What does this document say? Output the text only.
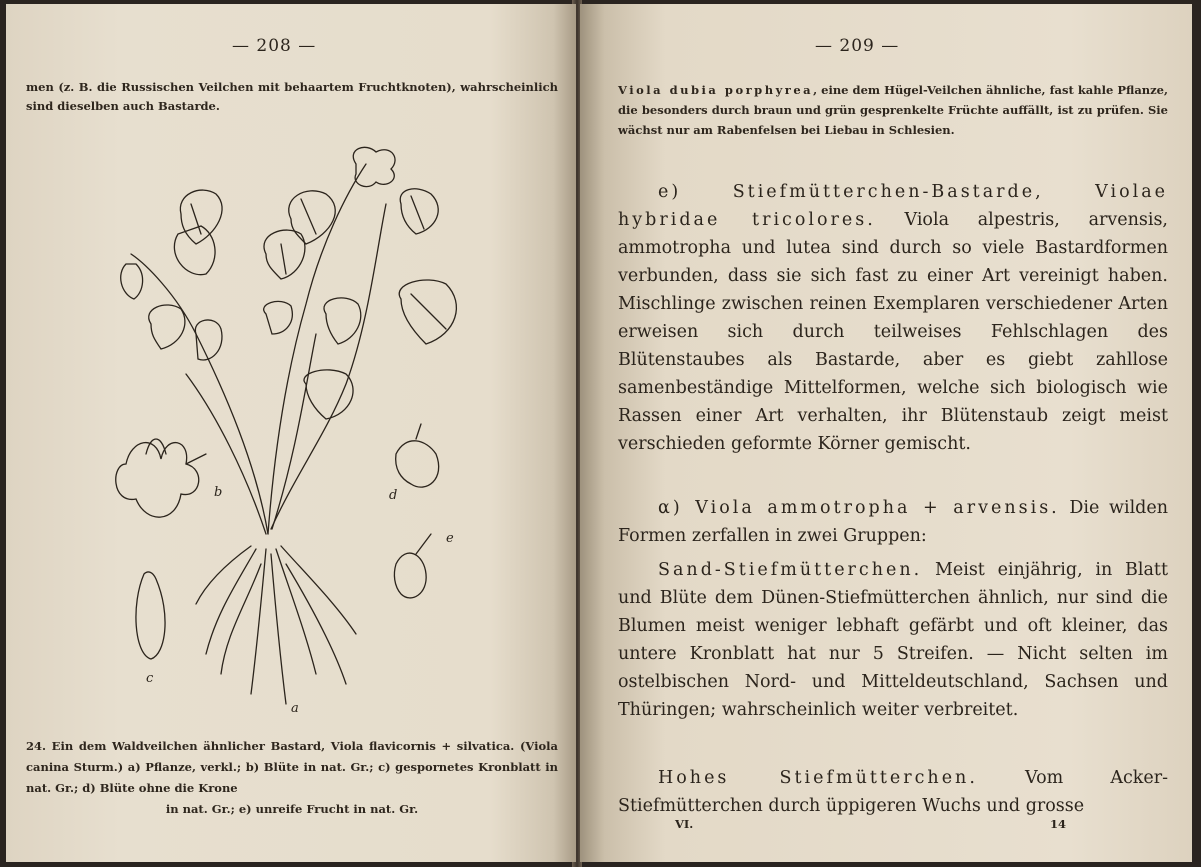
— 208 —
men (z. B. die Russischen Veilchen mit behaartem Fruchtknoten), wahrscheinlich sind dieselben auch Bastarde.
b	d
e
c
a

24. Ein dem Waldveilchen ähnlicher Bastard, Viola flavicornis + silvatica. (Viola canina Sturm.) a) Pflanze, verkl.; b) Blüte in nat. Gr.; c) gespornetes Kronblatt in nat. Gr.; d) Blüte ohne die Krone

in nat. Gr.; e) unreife Frucht in nat. Gr.

— 209 —
Viola dubia porphyrea, eine dem Hügel-Veilchen ähnliche, fast kahle Pflanze, die besonders durch braun und grün gesprenkelte Früchte auffällt, ist zu prüfen. Sie wächst nur am Rabenfelsen bei Liebau in Schlesien.

e) Stiefmütterchen-Bastarde, Violae hybridae tricolores. Viola alpestris, arvensis, ammotropha und lutea sind durch so viele Bastardformen verbunden, dass sie sich fast zu einer Art vereinigt haben. Mischlinge zwischen reinen Exemplaren verschiedener Arten erweisen sich durch teilweises Fehlschlagen des Blütenstaubes als Bastarde, aber es giebt zahllose samenbeständige Mittelformen, welche sich biologisch wie Rassen einer Art verhalten, ihr Blütenstaub zeigt meist verschieden geformte Körner gemischt.

α) Viola ammotropha + arvensis. Die wilden Formen zerfallen in zwei Gruppen:

Sand-Stiefmütterchen. Meist einjährig, in Blatt und Blüte dem Dünen-Stiefmütterchen ähnlich, nur sind die Blumen meist weniger lebhaft gefärbt und oft kleiner, das untere Kronblatt hat nur 5 Streifen. — Nicht selten im ostelbischen Nord- und Mitteldeutschland, Sachsen und Thüringen; wahrscheinlich weiter verbreitet.

Hohes Stiefmütterchen. Vom Acker-Stiefmütterchen durch üppigeren Wuchs und grosse

VI.	14
